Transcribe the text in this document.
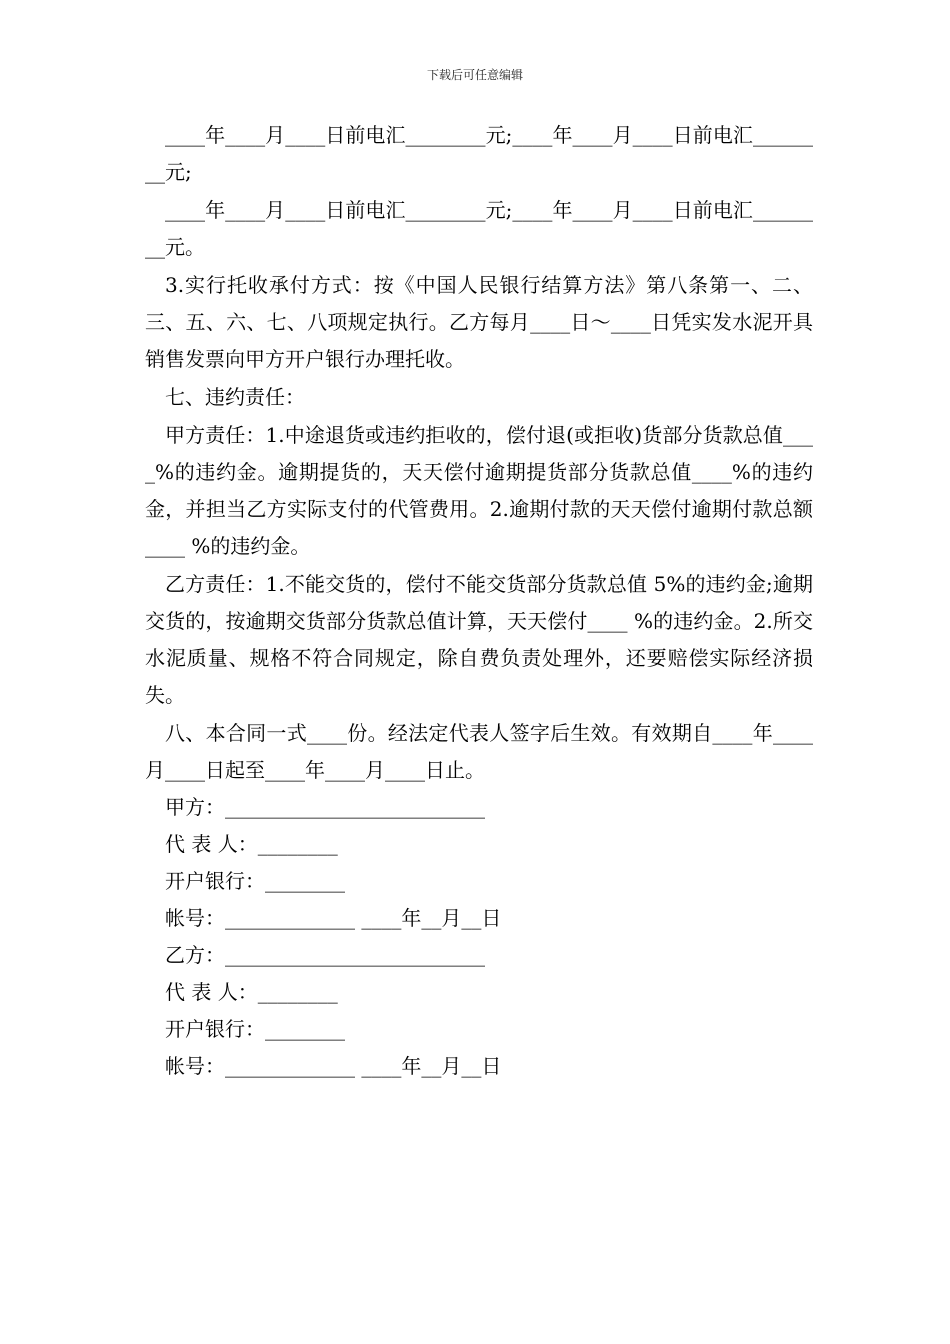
下载后可任意编辑

____年____月____日前电汇________元;____年____月____日前电汇________元;

____年____月____日前电汇________元;____年____月____日前电汇________元。

3.实行托收承付方式：按《中国人民银行结算方法》第八条第一、二、三、五、六、七、八项规定执行。乙方每月____日～____日凭实发水泥开具销售发票向甲方开户银行办理托收。

七、违约责任：

甲方责任：1.中途退货或违约拒收的，偿付退(或拒收)货部分货款总值____%的违约金。逾期提货的，天天偿付逾期提货部分货款总值____%的违约金，并担当乙方实际支付的代管费用。2.逾期付款的天天偿付逾期付款总额____ %的违约金。

乙方责任：1.不能交货的，偿付不能交货部分货款总值 5%的违约金;逾期交货的，按逾期交货部分货款总值计算，天天偿付____ %的违约金。2.所交水泥质量、规格不符合同规定，除自费负责处理外，还要赔偿实际经济损失。

八、本合同一式____份。经法定代表人签字后生效。有效期自____年____月____日起至____年____月____日止。

甲方：__________________________

代 表 人：________

开户银行：________

帐号：_____________ ____年__月__日

乙方：__________________________

代 表 人：________

开户银行：________

帐号：_____________ ____年__月__日
